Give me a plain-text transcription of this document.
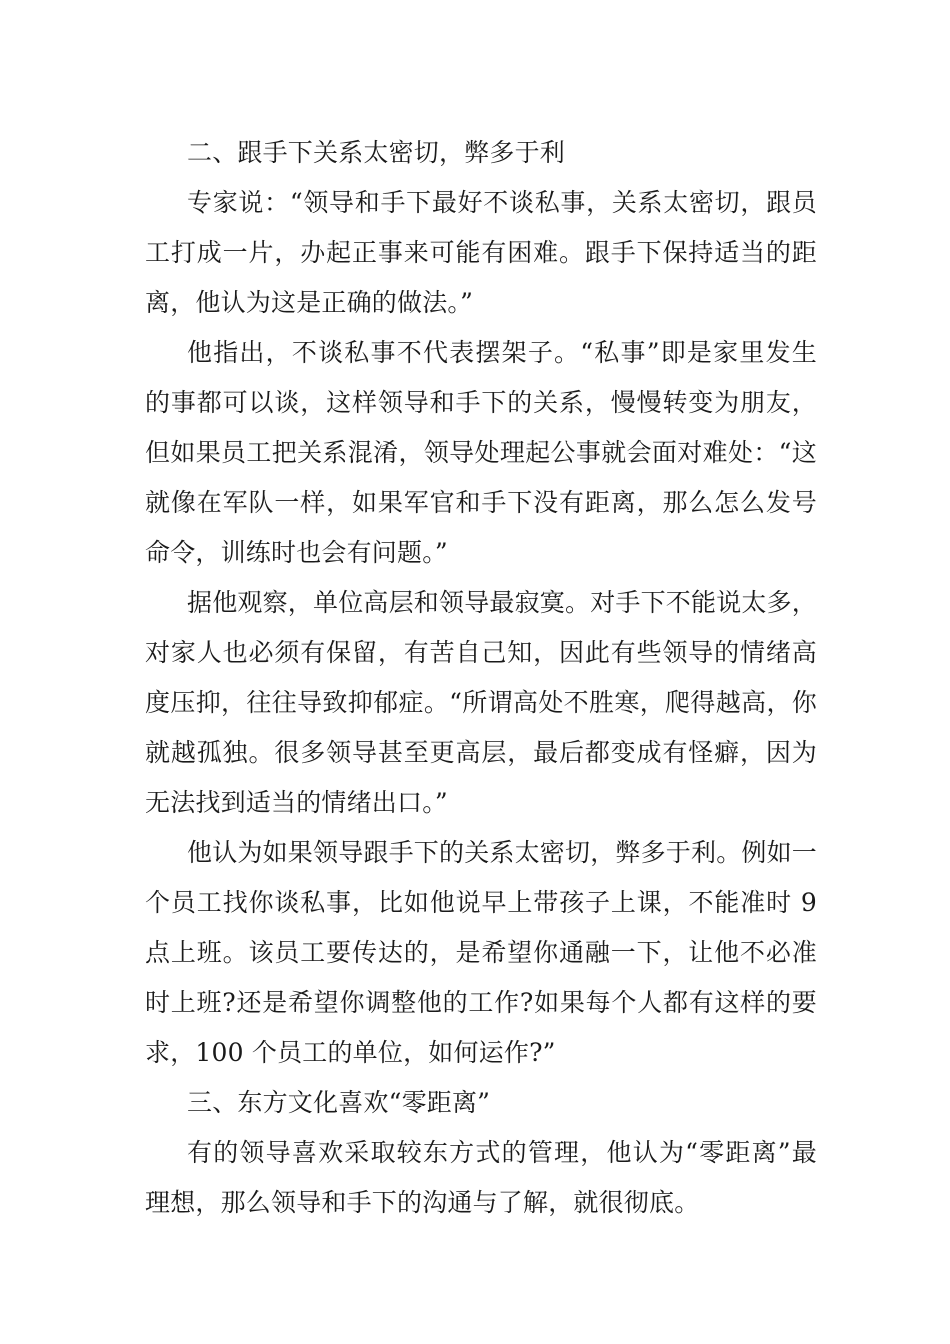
二、跟手下关系太密切，弊多于利

专家说：“领导和手下最好不谈私事，关系太密切，跟员工打成一片，办起正事来可能有困难。跟手下保持适当的距离，他认为这是正确的做法。”

他指出，不谈私事不代表摆架子。“私事”即是家里发生的事都可以谈，这样领导和手下的关系，慢慢转变为朋友，但如果员工把关系混淆，领导处理起公事就会面对难处：“这就像在军队一样，如果军官和手下没有距离，那么怎么发号命令，训练时也会有问题。”

据他观察，单位高层和领导最寂寞。对手下不能说太多，对家人也必须有保留，有苦自己知，因此有些领导的情绪高度压抑，往往导致抑郁症。“所谓高处不胜寒，爬得越高，你就越孤独。很多领导甚至更高层，最后都变成有怪癖，因为无法找到适当的情绪出口。”

他认为如果领导跟手下的关系太密切，弊多于利。例如一个员工找你谈私事，比如他说早上带孩子上课，不能准时 9 点上班。该员工要传达的，是希望你通融一下，让他不必准时上班?还是希望你调整他的工作?如果每个人都有这样的要求，100 个员工的单位，如何运作?”

三、东方文化喜欢“零距离”

有的领导喜欢采取较东方式的管理，他认为“零距离”最理想，那么领导和手下的沟通与了解，就很彻底。
